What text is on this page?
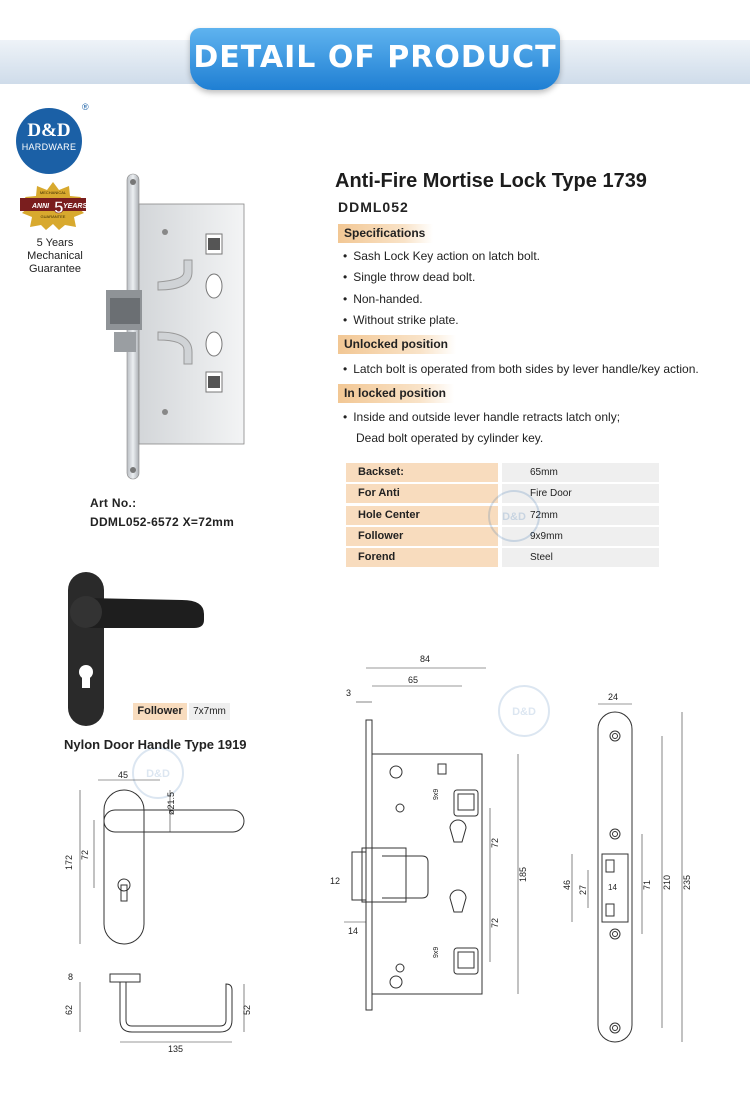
DETAIL OF PRODUCT
D&D
HARDWARE
®
MECHANICAL
ANNI 5 YEARS
GUARANTEE
5 Years
Mechanical
Guarantee
Anti-Fire Mortise Lock Type 1739
DDML052
Specifications
• Sash Lock Key action on latch bolt.
• Single throw dead bolt.
• Non-handed.
• Without strike plate.
Unlocked position
• Latch bolt is operated from both sides by lever handle/key action.
In locked position
• Inside and outside lever handle retracts latch only;
Dead bolt operated by cylinder key.
Backset:	65mm
For Anti	Fire Door
Hole Center	72mm
Follower	9x9mm
Forend	Steel
D&D
D&D
D&D
Art No.:
DDML052-6572 X=72mm
Follower	7x7mm
Nylon Door Handle Type 1919
45
ø21.5
172 72
8
62	52
135
84
65
3
9x9
9x9
72
72
185
12
14
24
46 27	14	71 210 235
